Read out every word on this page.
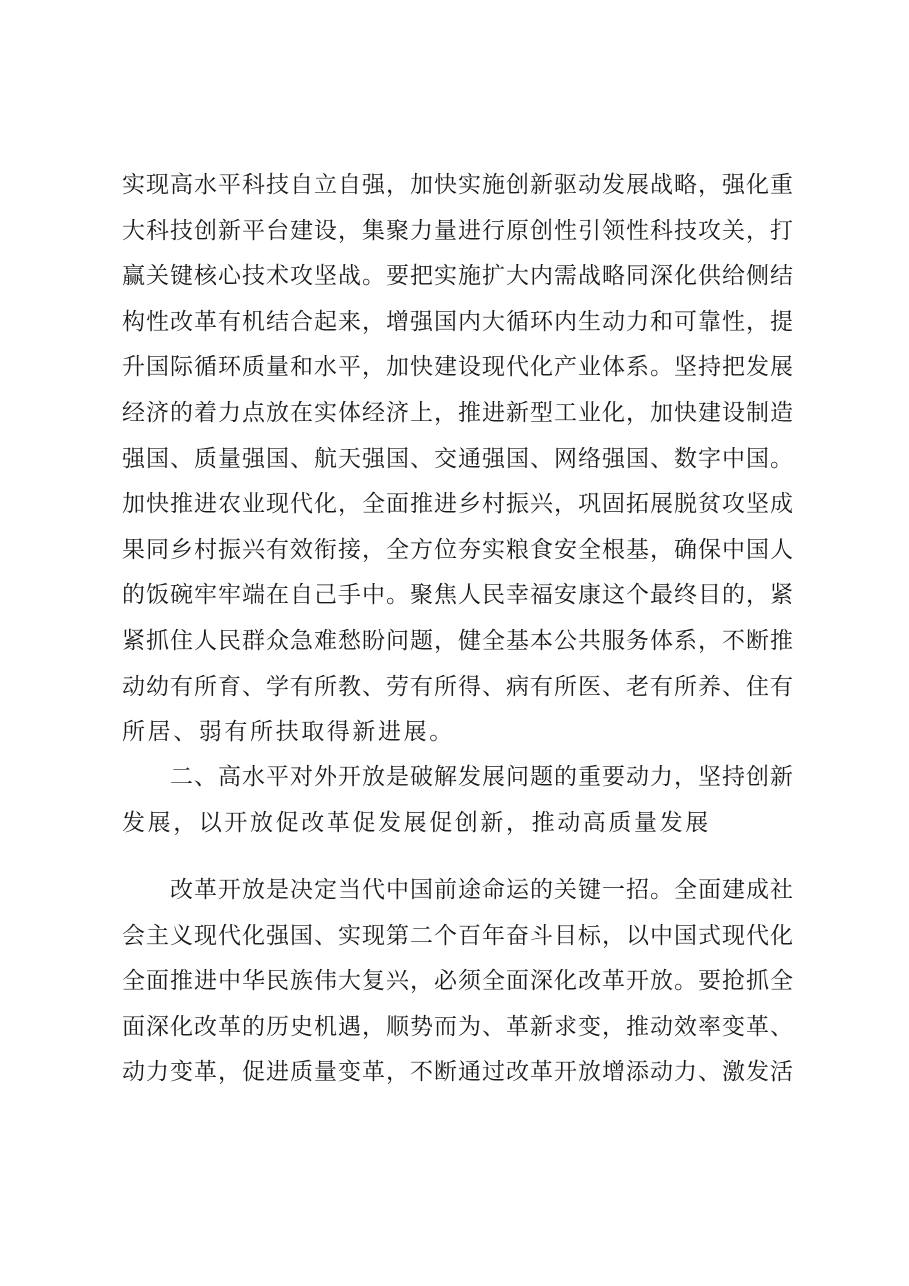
实现高水平科技自立自强，加快实施创新驱动发展战略，强化重
大科技创新平台建设，集聚力量进行原创性引领性科技攻关，打
赢关键核心技术攻坚战。要把实施扩大内需战略同深化供给侧结
构性改革有机结合起来，增强国内大循环内生动力和可靠性，提
升国际循环质量和水平，加快建设现代化产业体系。坚持把发展
经济的着力点放在实体经济上，推进新型工业化，加快建设制造
强国、质量强国、航天强国、交通强国、网络强国、数字中国。
加快推进农业现代化，全面推进乡村振兴，巩固拓展脱贫攻坚成
果同乡村振兴有效衔接，全方位夯实粮食安全根基，确保中国人
的饭碗牢牢端在自己手中。聚焦人民幸福安康这个最终目的，紧
紧抓住人民群众急难愁盼问题，健全基本公共服务体系，不断推
动幼有所育、学有所教、劳有所得、病有所医、老有所养、住有
所居、弱有所扶取得新进展。
二、高水平对外开放是破解发展问题的重要动力，坚持创新
发展，以开放促改革促发展促创新，推动高质量发展
改革开放是决定当代中国前途命运的关键一招。全面建成社
会主义现代化强国、实现第二个百年奋斗目标，以中国式现代化
全面推进中华民族伟大复兴，必须全面深化改革开放。要抢抓全
面深化改革的历史机遇，顺势而为、革新求变，推动效率变革、
动力变革，促进质量变革，不断通过改革开放增添动力、激发活
